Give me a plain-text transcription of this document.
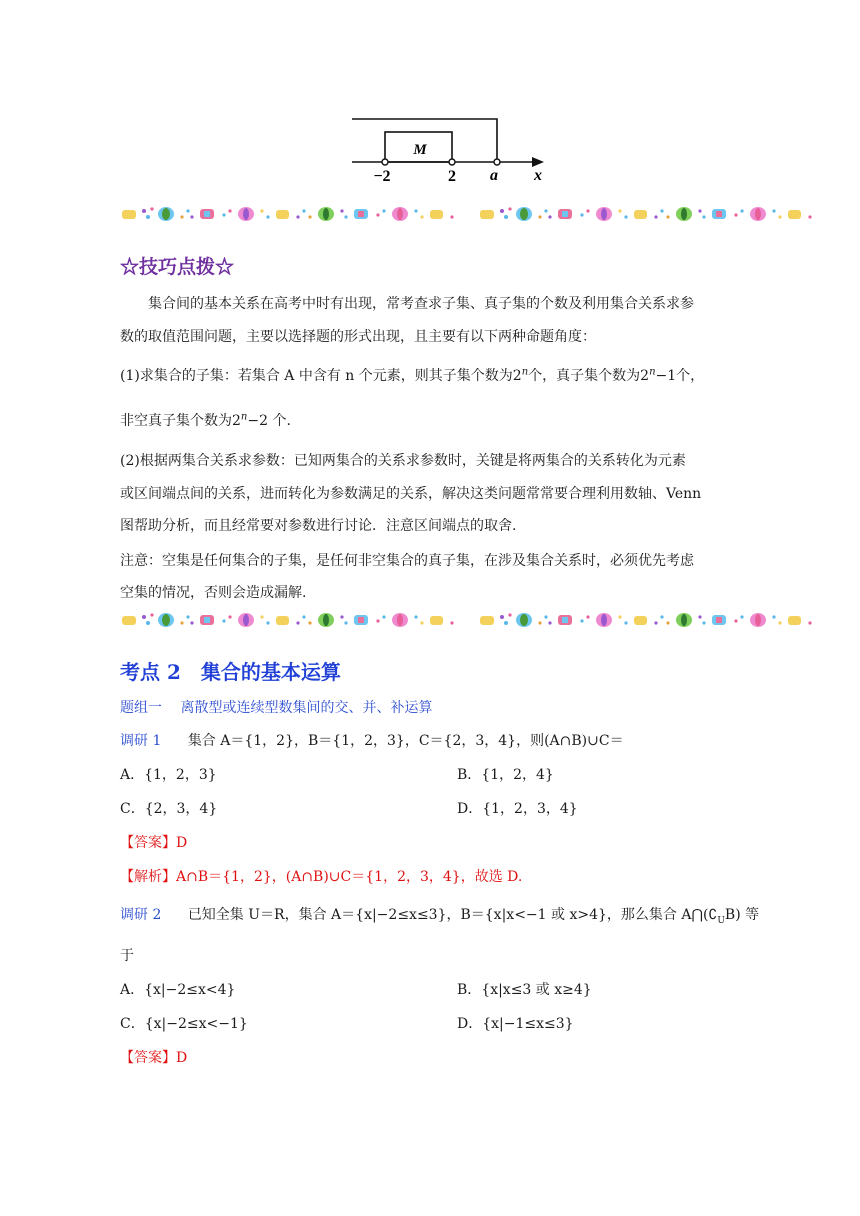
M
−2	2 a x
☆技巧点拨☆
集合间的基本关系在高考中时有出现，常考查求子集、真子集的个数及利用集合关系求参
数的取值范围问题，主要以选择题的形式出现，且主要有以下两种命题角度：
(1)求集合的子集：若集合 A 中含有 n 个元素，则其子集个数为2$^n$个，真子集个数为$2^n-1$个，
非空真子集个数为$2^n-2$ 个.
(2)根据两集合关系求参数：已知两集合的关系求参数时，关键是将两集合的关系转化为元素
或区间端点间的关系，进而转化为参数满足的关系，解决这类问题常常要合理利用数轴、Venn
图帮助分析，而且经常要对参数进行讨论．注意区间端点的取舍.
注意：空集是任何集合的子集，是任何非空集合的真子集，在涉及集合关系时，必须优先考虑
空集的情况，否则会造成漏解.
考点 2　集合的基本运算
题组一　 离散型或连续型数集间的交、并、补运算
调研 1 集合 A＝{1，2}，B＝{1，2，3}，C＝{2，3，4}，则(A∩B)∪C＝
A．{1，2，3}	B．{1，2，4}
C．{2，3，4}	D．{1，2，3，4}
【答案】D
【解析】A∩B＝{1，2}，(A∩B)∪C＝{1，2，3，4}，故选 D.
调研 2 已知全集 U＝R，集合 A＝{x|−2≤x≤3}，B＝{x|x<−1 或 x>4}，那么集合 $A⋂(∁_UB)$ 等
于
A．{x|−2≤x<4}	B．{x|x≤3 或 x≥4}
C．{x|−2≤x<−1}	D．{x|−1≤x≤3}
【答案】D
